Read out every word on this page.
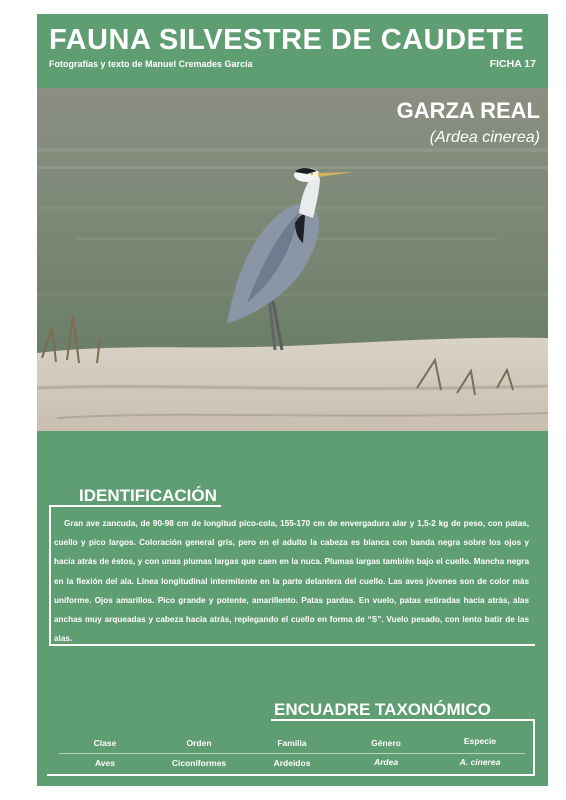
FAUNA SILVESTRE DE CAUDETE
Fotografías y texto de Manuel Cremades García	FICHA 17
GARZA REAL
(Ardea cinerea)
IDENTIFICACIÓN
Gran ave zancuda, de 90-98 cm de longitud pico-cola, 155-170 cm de envergadura alar y 1,5-2 kg de peso, con patas, cuello y pico largos. Coloración general gris, pero en el adulto la cabeza es blanca con banda negra sobre los ojos y hacia atrás de éstos, y con unas plumas largas que caen en la nuca. Plumas largas también bajo el cuello. Mancha negra en la flexión del ala. Línea longitudinal intermitente en la parte delantera del cuello. Las aves jóvenes son de color más uniforme. Ojos amarillos. Pico grande y potente, amarillento. Patas pardas. En vuelo, patas estiradas hacia atrás, alas anchas muy arqueadas y cabeza hacia atrás, replegando el cuello en forma de “S”. Vuelo pesado, con lento batir de las alas.
ENCUADRE TAXONÓMICO
Clase	Orden	Familia	Género	Especie
Aves	Ciconiformes	Ardeidos	Ardea	A. cinerea
